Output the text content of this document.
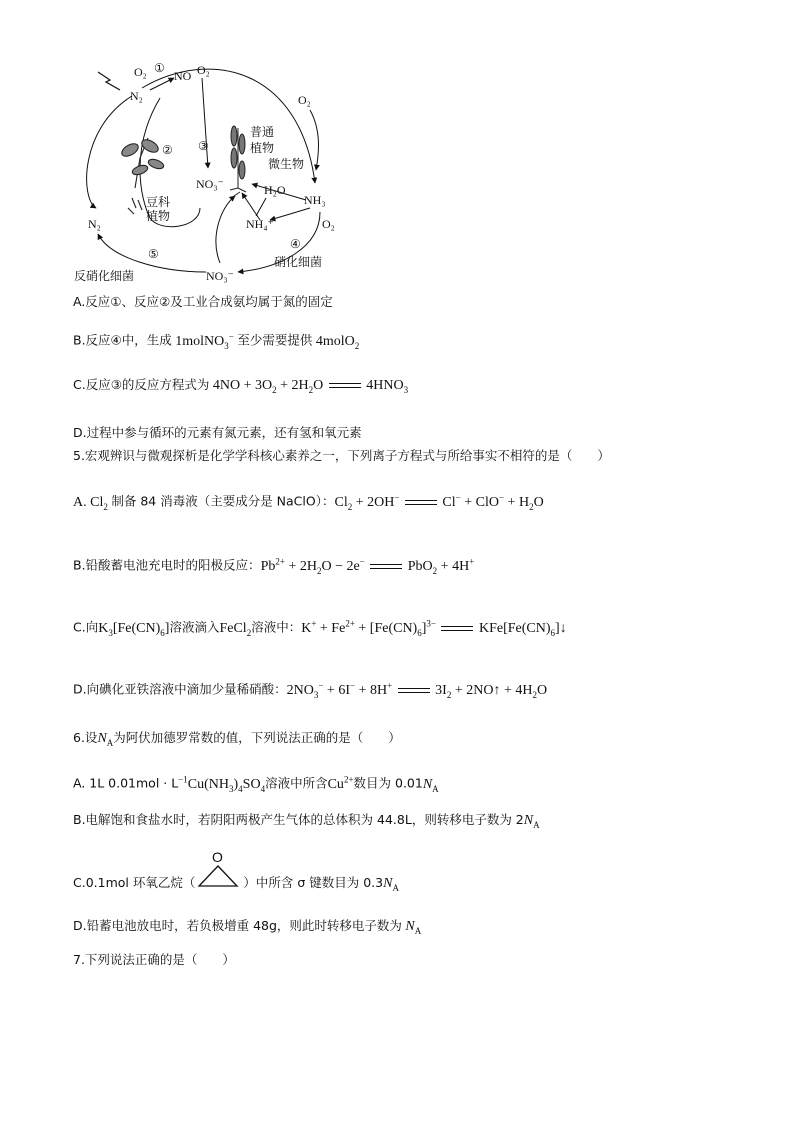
N₂
O₂ ①
NO O₂
O₂
② ③
豆科
植物
普通
植物
微生物
NO₃⁻	H₂O
NH₃
NH₄⁺	O₂
④
N₂
⑤
反硝化细菌	NO₃⁻
硝化细菌
A.反应①、反应②及工业合成氨均属于氮的固定
B.反应④中，生成 1molNO$_3$− 至少需要提供 4molO$_2$
C.反应③的反应方程式为 $4NO + 3O_2 + 2H_2O$	$4HNO_3$
D.过程中参与循环的元素有氮元素，还有氢和氧元素
5.宏观辨识与微观探析是化学学科核心素养之一，下列离子方程式与所给事实不相符的是（　　）
A. $Cl_2$ 制备 84 消毒液（主要成分是 NaClO）：$Cl_2 + 2OH^-$	$Cl^- + ClO^- + H_2O$
B.铅酸蓄电池充电时的阳极反应：$Pb^{2+} + 2H_2O - 2e^-$	PbO$_2$ + 4H+
C.向$K_3[Fe(CN)_6]$溶液滴入FeCl$_2$溶液中：$K^+ + Fe^{2+} + [Fe(CN)_6]^{3-}$	$KFe[Fe(CN)_6]↓$
D.向碘化亚铁溶液中滴加少量稀硝酸：$2NO_3^- + 6I^- + 8H^+$	$3I_2$ + 2NO↑ + $4H_2O$
6.设$N_A$为阿伏加德罗常数的值，下列说法正确的是（　　）
A. 1L $0.01mol \cdot L^{-1}Cu(NH_3)_4SO_4$溶液中所含$Cu^{2+}$数目为 $0.01N_A$
B.电解饱和食盐水时，若阴阳两极产生气体的总体积为 44.8L，则转移电子数为 $2N_A$
O
C.0.1mol 环氧乙烷（	）中所含 σ 键数目为 $0.3N_A$
D.铅蓄电池放电时，若负极增重 48g，则此时转移电子数为 $N_A$
7.下列说法正确的是（　　）
